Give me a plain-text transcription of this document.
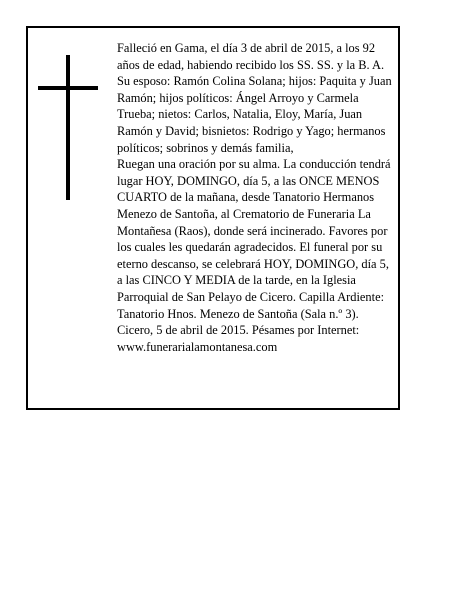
Falleció en Gama, el día 3 de abril de 2015, a los 92 años de edad, habiendo recibido los SS. SS. y la B. A.

Su esposo: Ramón Colina Solana; hijos: Paquita y Juan Ramón; hijos políticos: Ángel Arroyo y Carmela Trueba; nietos: Carlos, Natalia, Eloy, María, Juan Ramón y David; bisnietos: Rodrigo y Yago; hermanos políticos; sobrinos y demás familia,

Ruegan una oración por su alma. La conducción tendrá lugar HOY, DOMINGO, día 5, a las ONCE MENOS CUARTO de la mañana, desde Tanatorio Hermanos Menezo de Santoña, al Crematorio de Funeraria La Montañesa (Raos), donde será incinerado. Favores por los cuales les quedarán agradecidos. El funeral por su eterno descanso, se celebrará HOY, DOMINGO, día 5, a las CINCO Y MEDIA de la tarde, en la Iglesia Parroquial de San Pelayo de Cicero. Capilla Ardiente: Tanatorio Hnos. Menezo de Santoña (Sala n.º 3).

Cicero, 5 de abril de 2015. Pésames por Internet:
www.funerarialamontanesa.com
